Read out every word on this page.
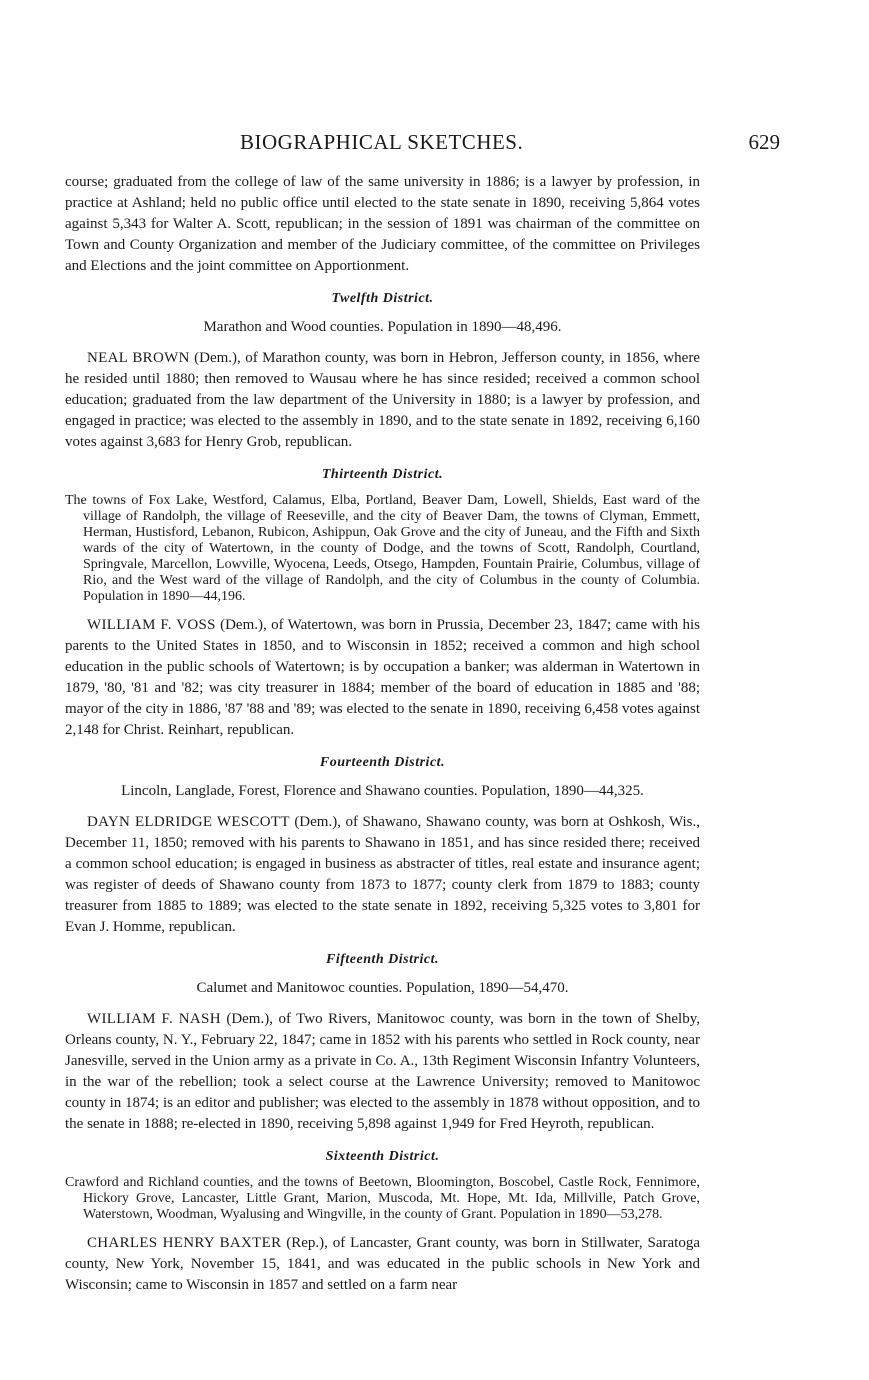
BIOGRAPHICAL SKETCHES.	629

course; graduated from the college of law of the same university in 1886; is a lawyer by profession, in practice at Ashland; held no public office until elected to the state senate in 1890, receiving 5,864 votes against 5,343 for Walter A. Scott, republican; in the session of 1891 was chairman of the committee on Town and County Organization and member of the Judiciary committee, of the committee on Privileges and Elections and the joint committee on Apportionment.

Twelfth District.
Marathon and Wood counties. Population in 1890—48,496.

NEAL BROWN (Dem.), of Marathon county, was born in Hebron, Jefferson county, in 1856, where he resided until 1880; then removed to Wausau where he has since resided; received a common school education; graduated from the law department of the University in 1880; is a lawyer by profession, and engaged in practice; was elected to the assembly in 1890, and to the state senate in 1892, receiving 6,160 votes against 3,683 for Henry Grob, republican.

Thirteenth District.
The towns of Fox Lake, Westford, Calamus, Elba, Portland, Beaver Dam, Lowell, Shields, East ward of the village of Randolph, the village of Reeseville, and the city of Beaver Dam, the towns of Clyman, Emmett, Herman, Hustisford, Lebanon, Rubicon, Ashippun, Oak Grove and the city of Juneau, and the Fifth and Sixth wards of the city of Watertown, in the county of Dodge, and the towns of Scott, Randolph, Courtland, Springvale, Marcellon, Lowville, Wyocena, Leeds, Otsego, Hampden, Fountain Prairie, Columbus, village of Rio, and the West ward of the village of Randolph, and the city of Columbus in the county of Columbia. Population in 1890—44,196.

WILLIAM F. VOSS (Dem.), of Watertown, was born in Prussia, December 23, 1847; came with his parents to the United States in 1850, and to Wisconsin in 1852; received a common and high school education in the public schools of Watertown; is by occupation a banker; was alderman in Watertown in 1879, '80, '81 and '82; was city treasurer in 1884; member of the board of education in 1885 and '88; mayor of the city in 1886, '87 '88 and '89; was elected to the senate in 1890, receiving 6,458 votes against 2,148 for Christ. Reinhart, republican.

Fourteenth District.
Lincoln, Langlade, Forest, Florence and Shawano counties. Population, 1890—44,325.

DAYN ELDRIDGE WESCOTT (Dem.), of Shawano, Shawano county, was born at Oshkosh, Wis., December 11, 1850; removed with his parents to Shawano in 1851, and has since resided there; received a common school education; is engaged in business as abstracter of titles, real estate and insurance agent; was register of deeds of Shawano county from 1873 to 1877; county clerk from 1879 to 1883; county treasurer from 1885 to 1889; was elected to the state senate in 1892, receiving 5,325 votes to 3,801 for Evan J. Homme, republican.

Fifteenth District.
Calumet and Manitowoc counties. Population, 1890—54,470.

WILLIAM F. NASH (Dem.), of Two Rivers, Manitowoc county, was born in the town of Shelby, Orleans county, N. Y., February 22, 1847; came in 1852 with his parents who settled in Rock county, near Janesville, served in the Union army as a private in Co. A., 13th Regiment Wisconsin Infantry Volunteers, in the war of the rebellion; took a select course at the Lawrence University; removed to Manitowoc county in 1874; is an editor and publisher; was elected to the assembly in 1878 without opposition, and to the senate in 1888; re-elected in 1890, receiving 5,898 against 1,949 for Fred Heyroth, republican.

Sixteenth District.
Crawford and Richland counties, and the towns of Beetown, Bloomington, Boscobel, Castle Rock, Fennimore, Hickory Grove, Lancaster, Little Grant, Marion, Muscoda, Mt. Hope, Mt. Ida, Millville, Patch Grove, Waterstown, Woodman, Wyalusing and Wingville, in the county of Grant. Population in 1890—53,278.

CHARLES HENRY BAXTER (Rep.), of Lancaster, Grant county, was born in Stillwater, Saratoga county, New York, November 15, 1841, and was educated in the public schools in New York and Wisconsin; came to Wisconsin in 1857 and settled on a farm near
